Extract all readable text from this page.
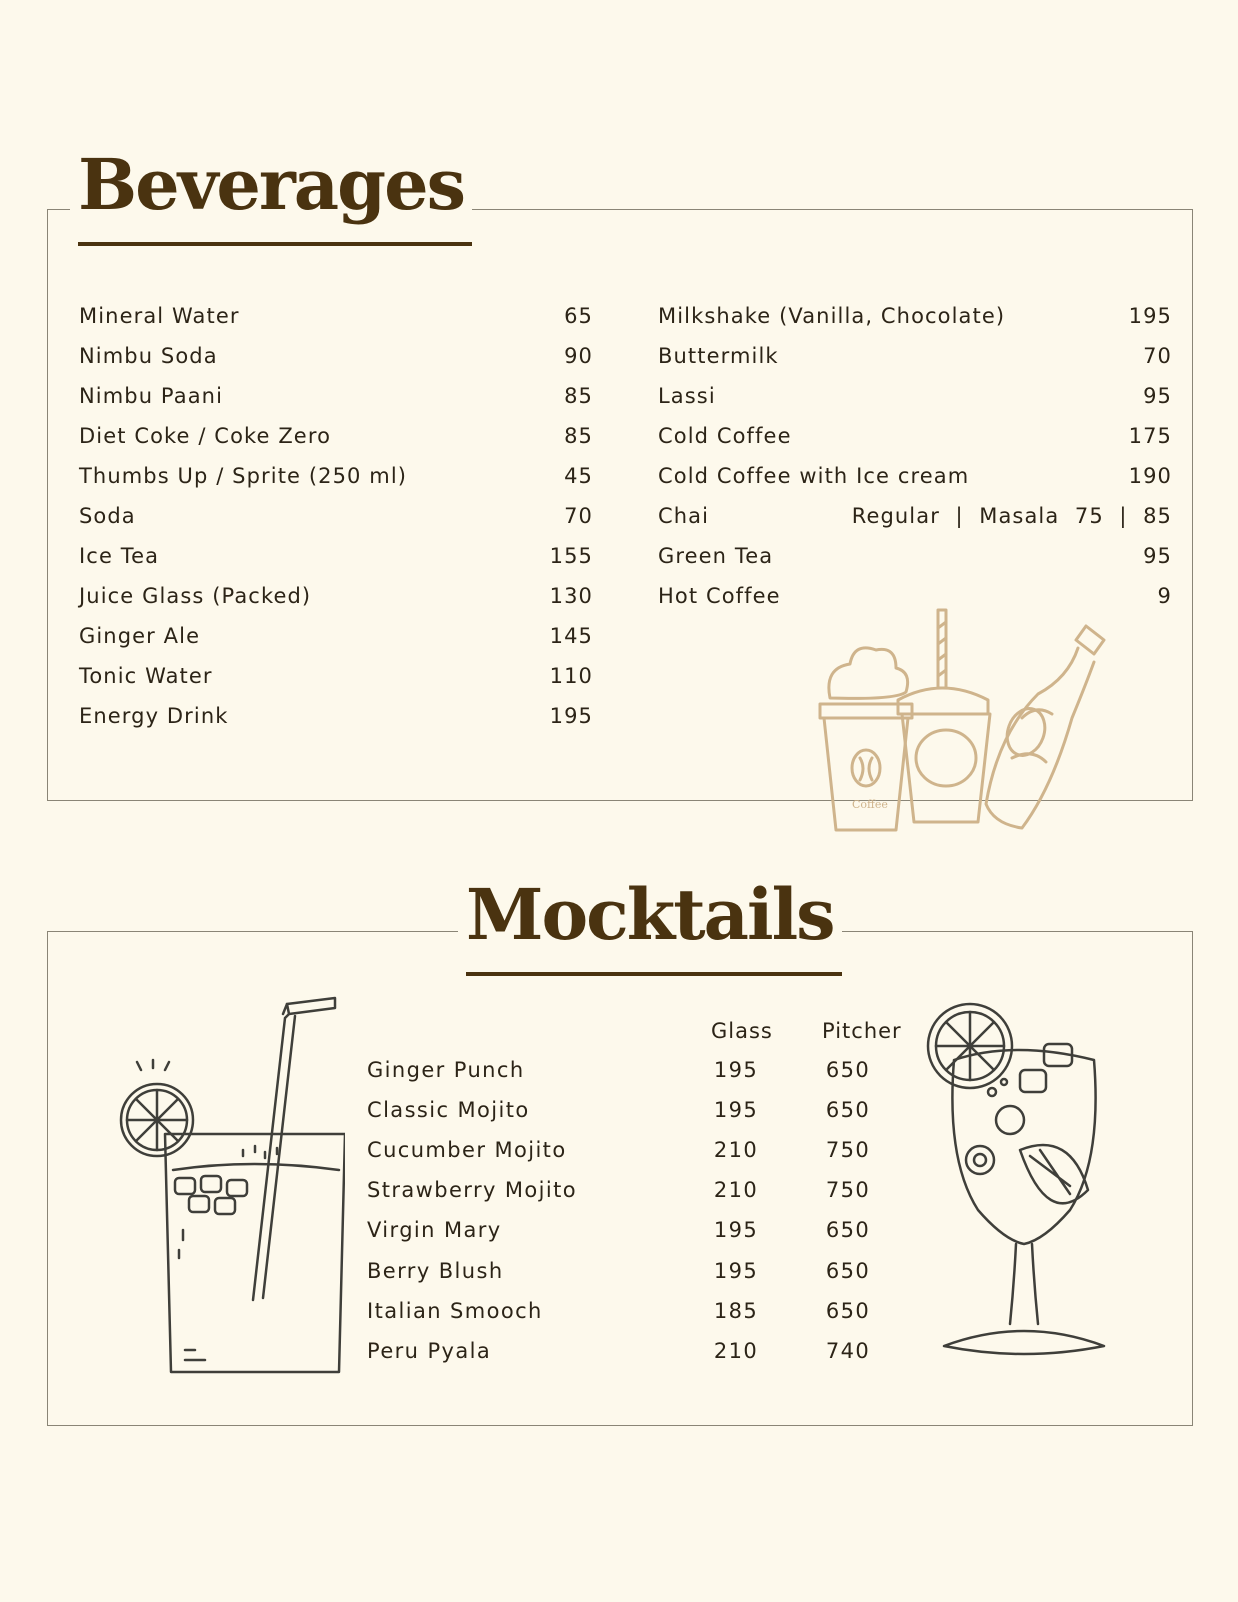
Beverages
Mineral Water	65
Nimbu Soda	90
Nimbu Paani	85
Diet Coke / Coke Zero	85
Thumbs Up / Sprite (250 ml)	45
Soda	70
Ice Tea	155
Juice Glass (Packed)	130
Ginger Ale	145
Tonic Water	110
Energy Drink	195
Milkshake (Vanilla, Chocolate)	195
Buttermilk	70
Lassi	95
Cold Coffee	175
Cold Coffee with Ice cream	190
Chai	Regular  |  Masala  75  |  85
Green Tea	95
Hot Coffee	9
Coffee
Mocktails
Glass Pitcher
Ginger Punch	195	650
Classic Mojito	195	650
Cucumber Mojito	210	750
Strawberry Mojito	210	750
Virgin Mary	195	650
Berry Blush	195	650
Italian Smooch	185	650
Peru Pyala	210	740
